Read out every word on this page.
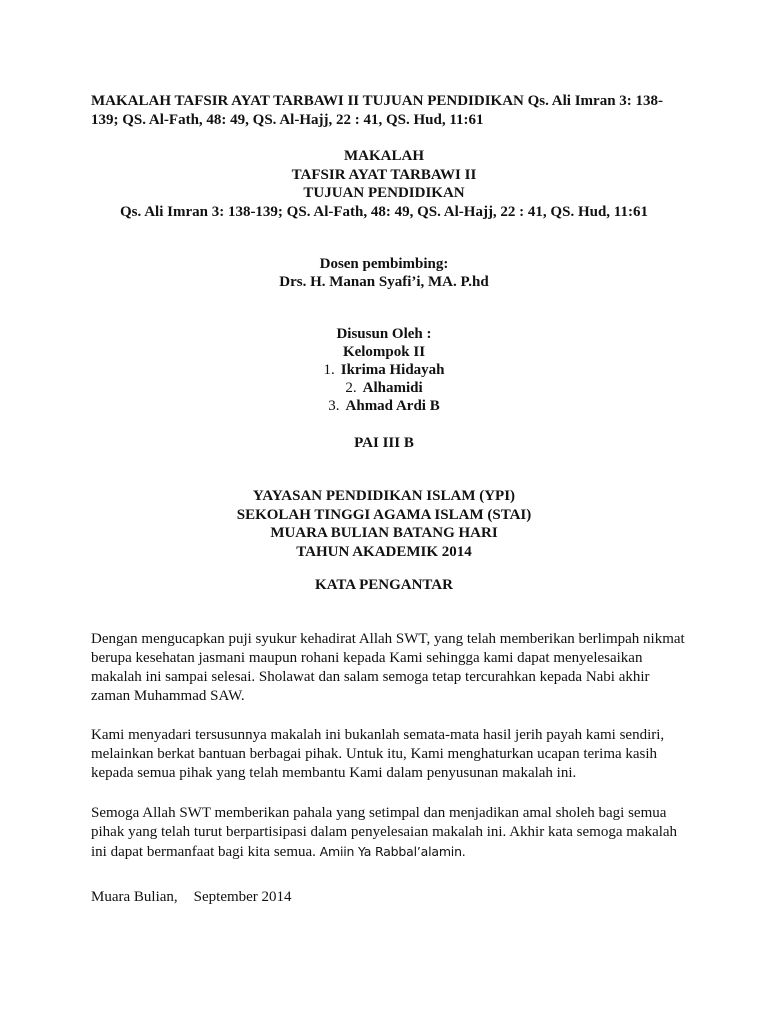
MAKALAH TAFSIR AYAT TARBAWI II TUJUAN PENDIDIKAN Qs. Ali Imran 3: 138-139; QS. Al-Fath, 48: 49, QS. Al-Hajj, 22 : 41, QS. Hud, 11:61
MAKALAH
TAFSIR AYAT TARBAWI II
TUJUAN PENDIDIKAN
Qs. Ali Imran 3: 138-139; QS. Al-Fath, 48: 49, QS. Al-Hajj, 22 : 41, QS. Hud, 11:61
Dosen pembimbing:
Drs. H. Manan Syafi’i, MA. P.hd
Disusun Oleh :
Kelompok II
1. Ikrima Hidayah
2. Alhamidi
3. Ahmad Ardi B
PAI III B
YAYASAN PENDIDIKAN ISLAM (YPI)
SEKOLAH TINGGI AGAMA ISLAM (STAI)
MUARA BULIAN BATANG HARI
TAHUN AKADEMIK 2014
KATA PENGANTAR
Dengan mengucapkan puji syukur kehadirat Allah SWT, yang telah memberikan berlimpah nikmat berupa kesehatan jasmani maupun rohani kepada Kami sehingga kami dapat menyelesaikan makalah ini sampai selesai. Sholawat dan salam semoga tetap tercurahkan kepada Nabi akhir zaman Muhammad SAW.
Kami menyadari tersusunnya makalah ini bukanlah semata-mata hasil jerih payah kami sendiri, melainkan berkat bantuan berbagai pihak. Untuk itu, Kami menghaturkan ucapan terima kasih kepada semua pihak yang telah membantu Kami dalam penyusunan makalah ini.
Semoga Allah SWT memberikan pahala yang setimpal dan menjadikan amal sholeh bagi semua pihak yang telah turut berpartisipasi dalam penyelesaian makalah ini. Akhir kata semoga makalah ini dapat bermanfaat bagi kita semua. Amiin Ya Rabbal’alamin.
Muara Bulian, September 2014
